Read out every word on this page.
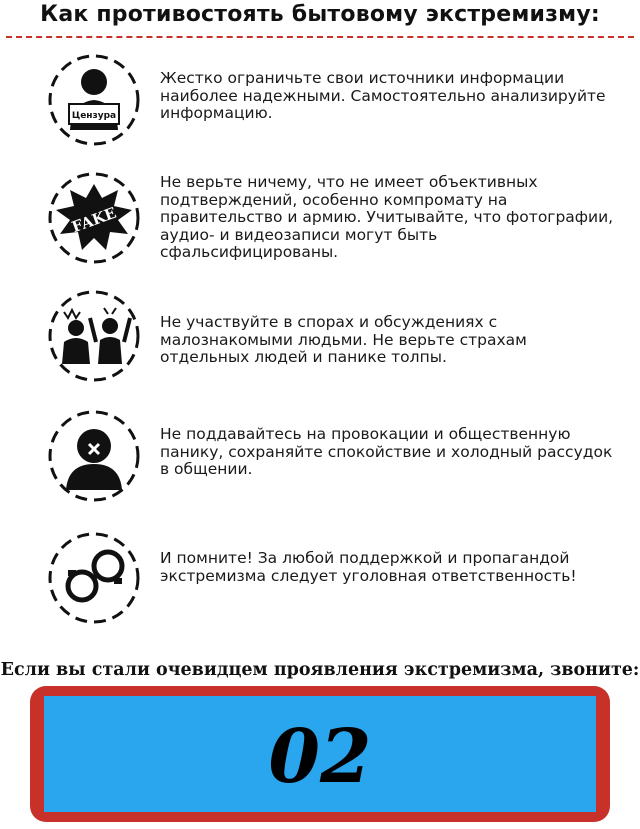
Как противостоять бытовому экстремизму:
Цензура
Жестко ограничьте свои источники информации наиболее надежными. Самостоятельно анализируйте информацию.
FAKE
Не верьте ничему, что не имеет объективных подтверждений, особенно компромату на правительство и армию. Учитывайте, что фотографии, аудио- и видеозаписи могут быть сфальсифицированы.
Не участвуйте в спорах и обсуждениях с малознакомыми людьми. Не верьте страхам отдельных людей и панике толпы.
Не поддавайтесь на провокации и общественную панику, сохраняйте спокойствие и холодный рассудок в общении.
И помните! За любой поддержкой и пропагандой экстремизма следует уголовная ответственность!
Если вы стали очевидцем проявления экстремизма, звоните:
02
